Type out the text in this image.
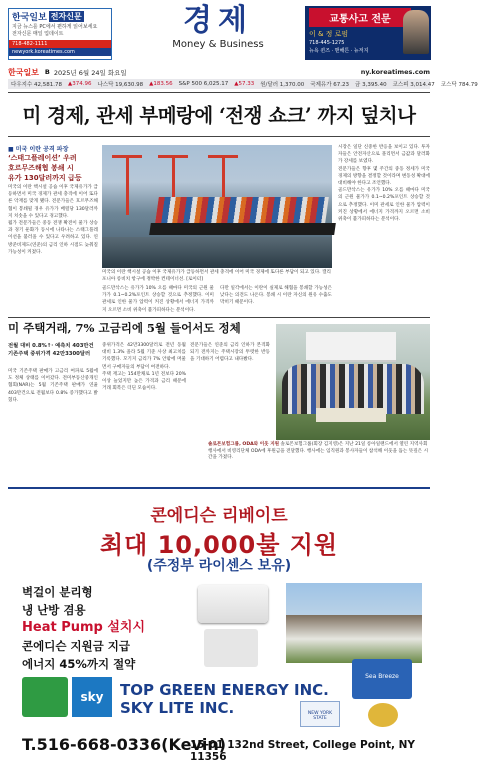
한국일보 전자신문
지금 뉴스를 PC에서 편하게 읽어보세요
전자신문 매일 업데이트
718-482-1111
newyork.koreatimes.com
경제
Money & Business
교통사고 전문
이 & 정 로펌
718-445-1275
뉴욕 퀸즈 · 맨해튼 · 뉴저지
한국일보 B 2025년 6월 24일 화요일	ny.koreatimes.com
다우지수 42,581.78 ▲374.96 나스닥 19,630.98 ▲183.56 S&P 500 6,025.17 ▲57.33 원/달러 1,370.00 국제유가 67.23 금 3,395.40 코스피 3,014.47 코스닥 784.79
미 경제, 관세 부메랑에 ‘전쟁 쇼크’ 까지 덮치나
■ 미국 이란 공격 파장
‘스태그플레이션’ 우려
호르무즈해협 봉쇄 시
유가 130달러까지 급등

미국의 이란 핵시설 공습 이후 국제유가가 급등하면서 미국 경제가 관세 충격에 이어 또다른 악재를 맞게 됐다. 전문가들은 호르무즈해협이 봉쇄될 경우 유가가 배럴당 130달러까지 치솟을 수 있다고 경고했다.

월가 전문가들은 중동 전쟁 확전이 물가 상승과 경기 둔화가 동시에 나타나는 스태그플레이션을 불러올 수 있다고 우려하고 있다. 연방준비제도(연준)의 금리 인하 시점도 늦춰질 가능성이 커졌다.

미국의 이란 핵시설 공습 이후 국제유가가 급등하면서 관세 충격에 이어 미국 경제에 또다른 부담이 되고 있다. 캘리포니아 롱비치 항구에 정박한 컨테이너선. [로이터]

골드만삭스는 유가가 10% 오를 때마다 미국의 근원 물가가 0.1~0.2%포인트 상승할 것으로 추정했다. 이미 관세로 인한 물가 압력이 커진 상황에서 에너지 가격까지 오르면 소비 위축이 불가피하다는 분석이다.

다만 일각에서는 이란이 실제로 해협을 봉쇄할 가능성은 낮다는 의견도 나온다. 봉쇄 시 이란 자신의 원유 수출도 막히기 때문이다.

시장은 일단 신중한 반응을 보이고 있다. 투자자들은 안전자산으로 몰리면서 금값과 달러화가 강세를 보였다.

전문가들은 향후 몇 주간의 중동 정세가 미국 경제의 방향을 결정할 것이라며 변동성 확대에 대비해야 한다고 조언했다.

골드만삭스는 유가가 10% 오를 때마다 미국의 근원 물가가 0.1~0.2%포인트 상승할 것으로 추정했다. 이미 관세로 인한 물가 압력이 커진 상황에서 에너지 가격까지 오르면 소비 위축이 불가피하다는 분석이다.

미 주택거래, 7% 고금리에 5월 들어서도 정체
전월 대비 0.8%↑· 예측치 403만건
기존주택 중위가격 42만3300달러

미국 기존주택 판매가 고금리 여파로 5월에도 정체 상태를 이어갔다. 전미부동산중개인협회(NAR)는 5월 기존주택 판매가 연율 403만건으로 전월보다 0.8% 증가했다고 밝혔다.

중위가격은 42만3300달러로 전년 동월 대비 1.3% 올라 5월 기준 사상 최고치를 기록했다. 모기지 금리가 7% 안팎에 머물면서 구매자들의 부담이 여전하다.

주택 재고는 154만채로 1년 전보다 20% 이상 늘었지만 높은 가격과 금리 때문에 거래 회복은 더딘 모습이다.

전문가들은 연준의 금리 인하가 본격화되기 전까지는 주택시장의 뚜렷한 반등을 기대하기 어렵다고 내다봤다.

솔로몬보험그룹, ODA와 이웃 지원 솔로몬보험그룹(회장 김지영)은 지난 21일 롱아일랜드에서 열린 지역사회 행사에서 비영리단체 ODA에 후원금을 전달했다. 행사에는 임직원과 봉사자들이 참석해 이웃을 돕는 뜻깊은 시간을 가졌다.
콘에디슨 리베이트
최대 10,000불 지원
(주정부 라이센스 보유)
벽걸이 분리형
냉 난방 겸용
Heat Pump 설치시
콘에디슨 지원금 지급
에너지 45%까지 절약
Sea Breeze
sky	TOP GREEN ENERGY INC.
SKY LITE INC.	NEW YORK STATE
T.516-668-0336(Kevin)
15-01 132nd Street, College Point, NY 11356
